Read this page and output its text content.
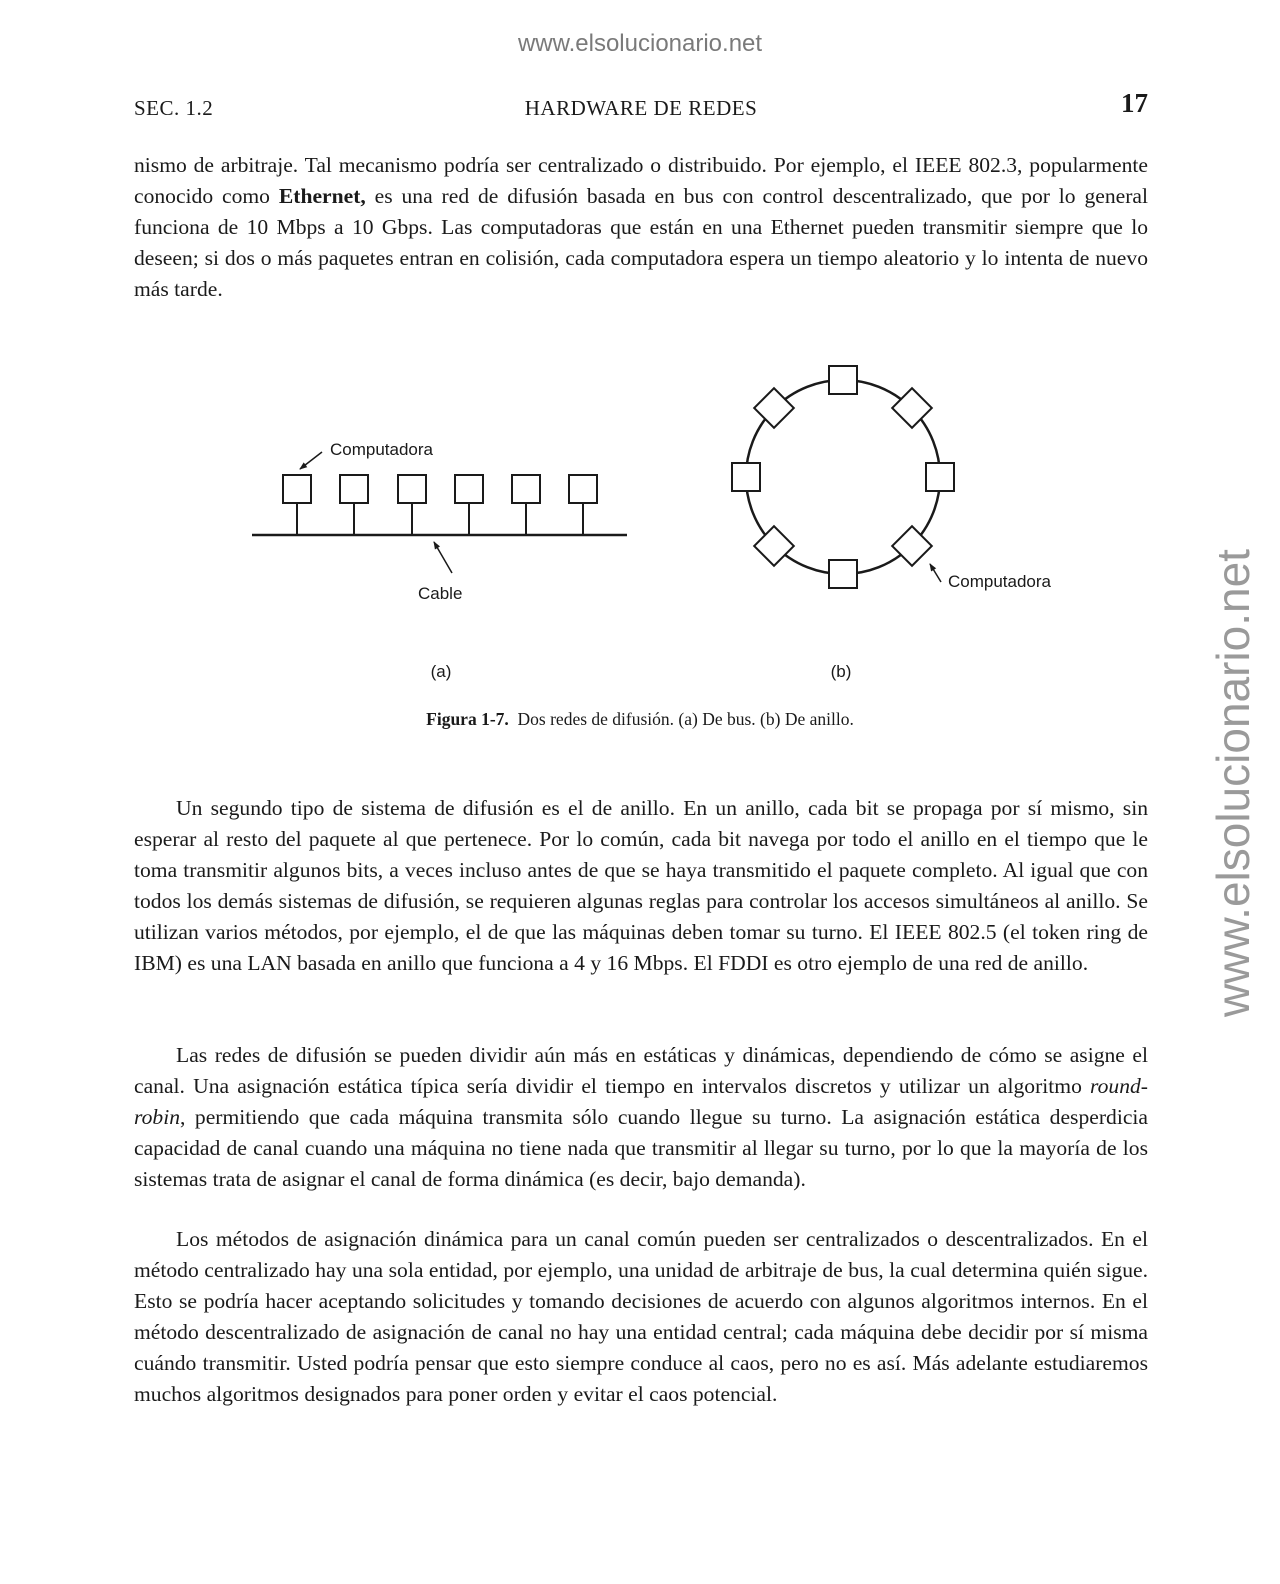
www.elsolucionario.net
www.elsolucionario.net
SEC. 1.2	HARDWARE DE REDES	17

nismo de arbitraje. Tal mecanismo podría ser centralizado o distribuido. Por ejemplo, el IEEE 802.3, popularmente conocido como Ethernet, es una red de difusión basada en bus con control descentralizado, que por lo general funciona de 10 Mbps a 10 Gbps. Las computadoras que están en una Ethernet pueden transmitir siempre que lo deseen; si dos o más paquetes entran en colisión, cada computadora espera un tiempo aleatorio y lo intenta de nuevo más tarde.

Computadora
Cable
(a)
Computadora
(b)
Figura 1-7. Dos redes de difusión. (a) De bus. (b) De anillo.

Un segundo tipo de sistema de difusión es el de anillo. En un anillo, cada bit se propaga por sí mismo, sin esperar al resto del paquete al que pertenece. Por lo común, cada bit navega por todo el anillo en el tiempo que le toma transmitir algunos bits, a veces incluso antes de que se haya transmitido el paquete completo. Al igual que con todos los demás sistemas de difusión, se requieren algunas reglas para controlar los accesos simultáneos al anillo. Se utilizan varios métodos, por ejemplo, el de que las máquinas deben tomar su turno. El IEEE 802.5 (el token ring de IBM) es una LAN basada en anillo que funciona a 4 y 16 Mbps. El FDDI es otro ejemplo de una red de anillo.

Las redes de difusión se pueden dividir aún más en estáticas y dinámicas, dependiendo de cómo se asigne el canal. Una asignación estática típica sería dividir el tiempo en intervalos discretos y utilizar un algoritmo round-robin, permitiendo que cada máquina transmita sólo cuando llegue su turno. La asignación estática desperdicia capacidad de canal cuando una máquina no tiene nada que transmitir al llegar su turno, por lo que la mayoría de los sistemas trata de asignar el canal de forma dinámica (es decir, bajo demanda).

Los métodos de asignación dinámica para un canal común pueden ser centralizados o descentralizados. En el método centralizado hay una sola entidad, por ejemplo, una unidad de arbitraje de bus, la cual determina quién sigue. Esto se podría hacer aceptando solicitudes y tomando decisiones de acuerdo con algunos algoritmos internos. En el método descentralizado de asignación de canal no hay una entidad central; cada máquina debe decidir por sí misma cuándo transmitir. Usted podría pensar que esto siempre conduce al caos, pero no es así. Más adelante estudiaremos muchos algoritmos designados para poner orden y evitar el caos potencial.
